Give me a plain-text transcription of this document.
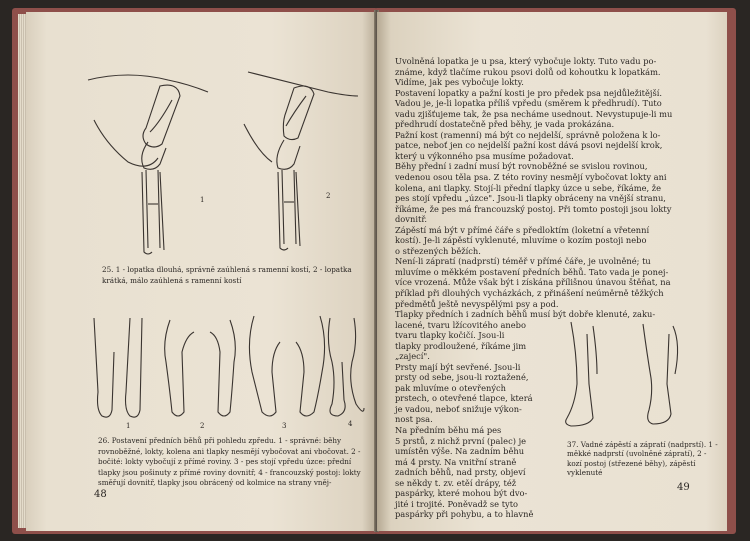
1	2
25. 1 - lopatka dlouhá, správně zaúhlená s ramenní kostí, 2 - lopatka krátká, málo zaúhlená s ramenní kostí
1	2	3	4
26. Postavení předních běhů při pohledu zpředu. 1 - správné: běhy rovnoběžné, lokty, kolena ani tlapky nesmějí vybočovat ani vbočovat. 2 - bočité: lokty vybočují z přímé roviny. 3 - pes stojí vpředu úzce: přední tlapky jsou pošinuty z přímé roviny dovnitř, 4 - francouzský postoj: lokty směřují dovnitř, tlapky jsou obrácený od kolmice na strany vněj-
48
Uvolněná lopatka je u psa, který vybočuje lokty. Tuto vadu po-
známe, když tlačíme rukou psovi dolů od kohoutku k lopatkám.
Vidíme, jak pes vybočuje lokty.
Postavení lopatky a pažní kosti je pro předek psa nejdůležitější.
Vadou je, je-li lopatka příliš vpředu (směrem k předhrudí). Tuto
vadu zjišťujeme tak, že psa necháme usednout. Nevystupuje-li mu
předhrudí dostatečně před běhy, je vada prokázána.
Pažní kost (ramenní) má být co nejdelší, správně položena k lo-
patce, neboť jen co nejdelší pažní kost dává psovi nejdelší krok,
který u výkonného psa musíme požadovat.
Běhy přední i zadní musí být rovnoběžné se svislou rovinou,
vedenou osou těla psa. Z této roviny nesmějí vybočovat lokty ani
kolena, ani tlapky. Stojí-li přední tlapky úzce u sebe, říkáme, že
pes stojí vpředu „úzce". Jsou-li tlapky obráceny na vnější stranu,
říkáme, že pes má francouzský postoj. Při tomto postoji jsou lokty
dovnitř.
Zápěstí má být v přímé čáře s předloktím (loketní a vřetenní
kostí). Je-li zápěstí vyklenuté, mluvíme o kozím postoji nebo
o střezených běžích.
Není-li zápratí (nadprstí) téměř v přímé čáře, je uvolněné; tu
mluvíme o měkkém postavení předních běhů. Tato vada je ponej-
více vrozená. Může však být i získána přílišnou únavou štěňat, na
příklad při dlouhých vycházkách, z přinášení neúměrně těžkých
předmětů ještě nevyspělými psy a pod.
Tlapky předních i zadních běhů musí být dobře klenuté, zaku-
lacené, tvaru lžícovitého anebo
tvaru tlapky kočičí. Jsou-li
tlapky prodloužené, říkáme jim
„zajecí".
Prsty mají být sevřené. Jsou-li
prsty od sebe, jsou-li roztažené,
pak mluvíme o otevřených
prstech, o otevřené tlapce, která
je vadou, neboť snižuje výkon-
nost psa.
Na předním běhu má pes
5 prstů, z nichž první (palec) je
umístěn výše. Na zadním běhu
má 4 prsty. Na vnitřní straně
zadních běhů, nad prsty, objeví
se někdy t. zv. etěí drápy, též
paspárky, které mohou být dvo-
jité i trojité. Poněvadž se tyto
paspárky při pohybu, a to hlavně
37. Vadné zápěstí a zápratí (nadprstí). 1 - měkké nadprstí (uvolněné zápratí), 2 - kozí postoj (střezené běhy), zápěstí vyklenuté
49
